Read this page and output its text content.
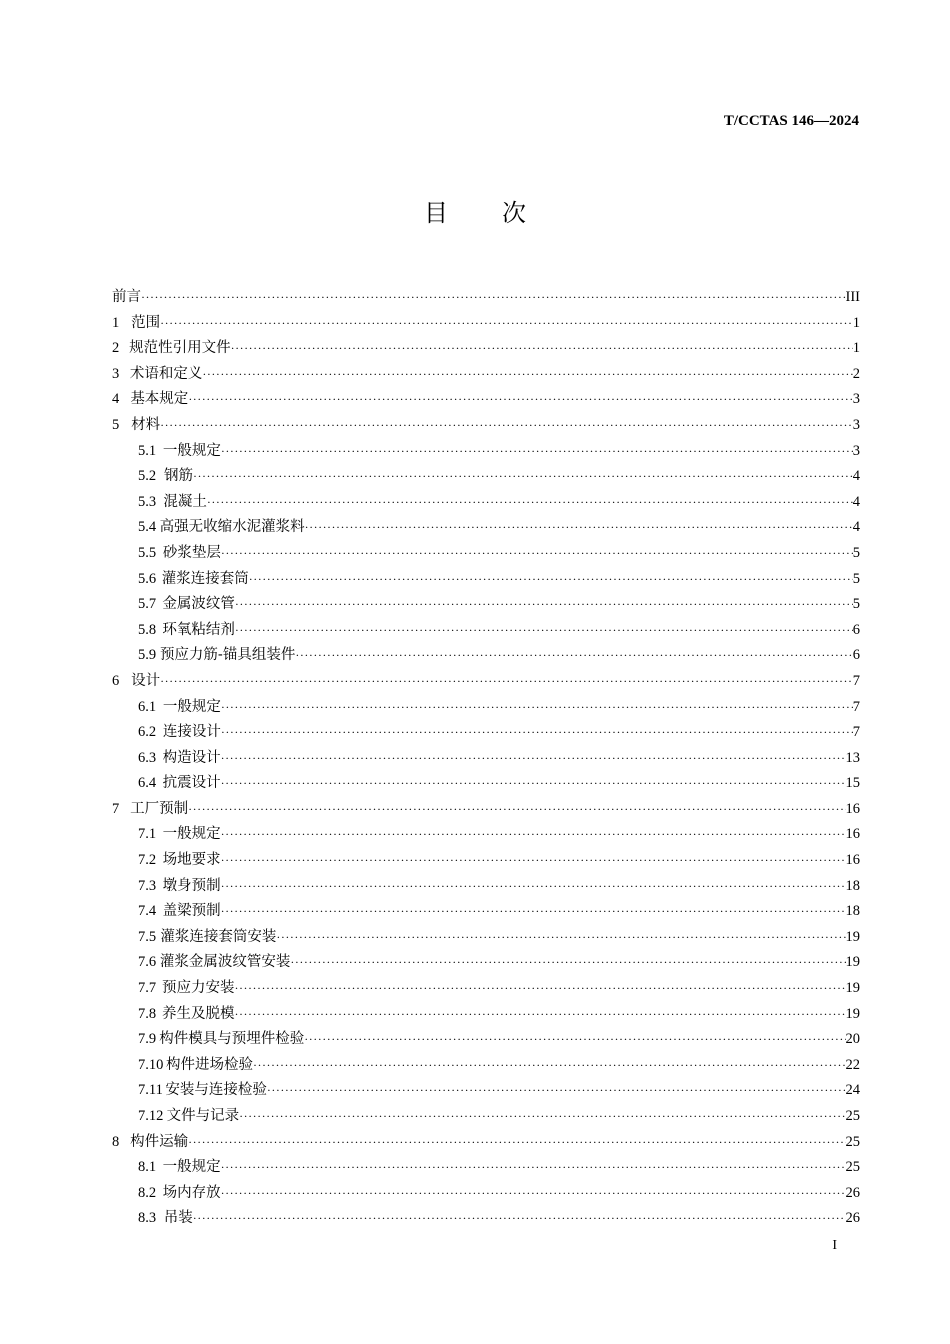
T/CCTAS 146—2024
目 次
前言 ·····	III
1 范围 ·····	1
2 规范性引用文件 ·····	1
3 术语和定义 ·····	2
4 基本规定 ·····	3
5 材料 ·····	3
5.1 一般规定 ·····	3
5.2 钢筋 ·····	4
5.3 混凝土 ·····	4
5.4 高强无收缩水泥灌浆料 ·····	4
5.5 砂浆垫层 ·····	5
5.6 灌浆连接套筒 ·····	5
5.7 金属波纹管 ·····	5
5.8 环氧粘结剂 ·····	6
5.9 预应力筋-锚具组装件 ·····	6
6 设计 ·····	7
6.1 一般规定 ·····	7
6.2 连接设计 ·····	7
6.3 构造设计 ·····	13
6.4 抗震设计 ·····	15
7 工厂预制 ·····	16
7.1 一般规定 ·····	16
7.2 场地要求 ·····	16
7.3 墩身预制 ·····	18
7.4 盖梁预制 ·····	18
7.5 灌浆连接套筒安装 ·····	19
7.6 灌浆金属波纹管安装 ·····	19
7.7 预应力安装 ·····	19
7.8 养生及脱模 ·····	19
7.9 构件模具与预埋件检验 ·····	20
7.10 构件进场检验 ·····	22
7.11 安装与连接检验 ·····	24
7.12 文件与记录 ·····	25
8 构件运输 ·····	25
8.1 一般规定 ·····	25
8.2 场内存放 ·····	26
8.3 吊装 ·····	26
I
